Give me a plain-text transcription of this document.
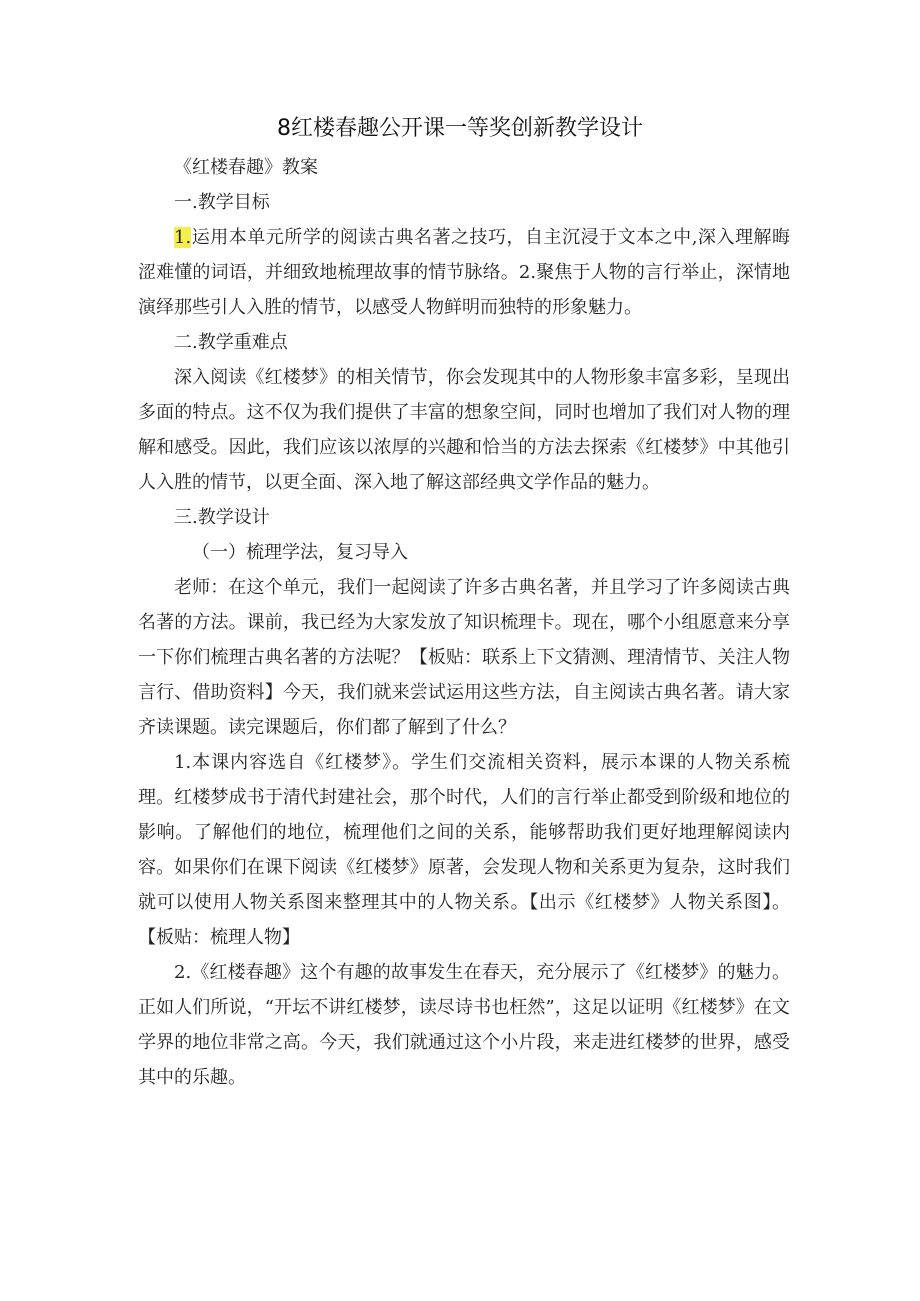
8红楼春趣公开课一等奖创新教学设计

《红楼春趣》教案

一.教学目标

1.运用本单元所学的阅读古典名著之技巧，自主沉浸于文本之中,深入理解晦涩难懂的词语，并细致地梳理故事的情节脉络。2.聚焦于人物的言行举止，深情地演绎那些引人入胜的情节，以感受人物鲜明而独特的形象魅力。

二.教学重难点

深入阅读《红楼梦》的相关情节，你会发现其中的人物形象丰富多彩，呈现出多面的特点。这不仅为我们提供了丰富的想象空间，同时也增加了我们对人物的理解和感受。因此，我们应该以浓厚的兴趣和恰当的方法去探索《红楼梦》中其他引人入胜的情节，以更全面、深入地了解这部经典文学作品的魅力。

三.教学设计

（一）梳理学法，复习导入

老师：在这个单元，我们一起阅读了许多古典名著，并且学习了许多阅读古典名著的方法。课前，我已经为大家发放了知识梳理卡。现在，哪个小组愿意来分享一下你们梳理古典名著的方法呢？【板贴：联系上下文猜测、理清情节、关注人物言行、借助资料】今天，我们就来尝试运用这些方法，自主阅读古典名著。请大家齐读课题。读完课题后，你们都了解到了什么？

1.本课内容选自《红楼梦》。学生们交流相关资料，展示本课的人物关系梳理。红楼梦成书于清代封建社会，那个时代，人们的言行举止都受到阶级和地位的影响。了解他们的地位，梳理他们之间的关系，能够帮助我们更好地理解阅读内容。如果你们在课下阅读《红楼梦》原著，会发现人物和关系更为复杂，这时我们就可以使用人物关系图来整理其中的人物关系。【出示《红楼梦》人物关系图】。【板贴：梳理人物】

2.《红楼春趣》这个有趣的故事发生在春天，充分展示了《红楼梦》的魅力。正如人们所说，“开坛不讲红楼梦，读尽诗书也枉然”，这足以证明《红楼梦》在文学界的地位非常之高。今天，我们就通过这个小片段，来走进红楼梦的世界，感受其中的乐趣。
